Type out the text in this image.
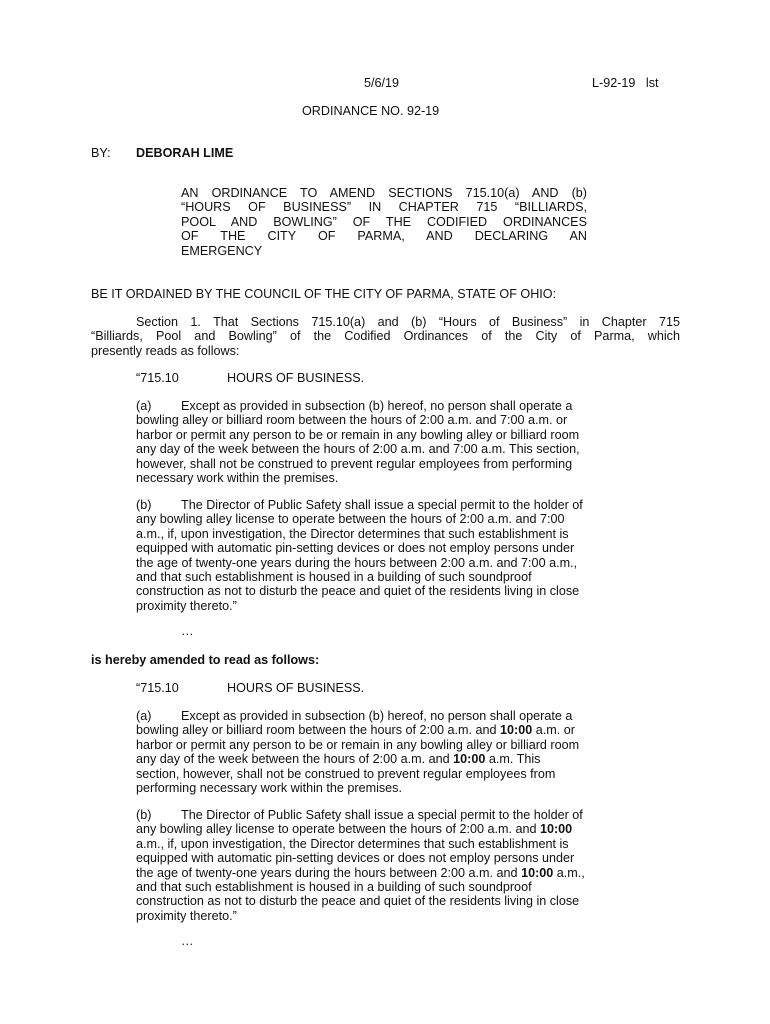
5/6/19	L-92-19 lst
ORDINANCE NO. 92-19
BY: DEBORAH LIME
AN ORDINANCE TO AMEND SECTIONS 715.10(a) AND (b)
“HOURS OF BUSINESS” IN CHAPTER 715 “BILLIARDS,
POOL AND BOWLING” OF THE CODIFIED ORDINANCES
OF THE CITY OF PARMA, AND DECLARING AN
EMERGENCY
BE IT ORDAINED BY THE COUNCIL OF THE CITY OF PARMA, STATE OF OHIO:
Section 1. That Sections 715.10(a) and (b) “Hours of Business” in Chapter 715
“Billiards, Pool and Bowling” of the Codified Ordinances of the City of Parma, which
presently reads as follows:
“715.10	HOURS OF BUSINESS.
(a) Except as provided in subsection (b) hereof, no person shall operate a
bowling alley or billiard room between the hours of 2:00 a.m. and 7:00 a.m. or
harbor or permit any person to be or remain in any bowling alley or billiard room
any day of the week between the hours of 2:00 a.m. and 7:00 a.m. This section,
however, shall not be construed to prevent regular employees from performing
necessary work within the premises.
(b) The Director of Public Safety shall issue a special permit to the holder of
any bowling alley license to operate between the hours of 2:00 a.m. and 7:00
a.m., if, upon investigation, the Director determines that such establishment is
equipped with automatic pin-setting devices or does not employ persons under
the age of twenty-one years during the hours between 2:00 a.m. and 7:00 a.m.,
and that such establishment is housed in a building of such soundproof
construction as not to disturb the peace and quiet of the residents living in close
proximity thereto.”
…
is hereby amended to read as follows:
“715.10	HOURS OF BUSINESS.
(a) Except as provided in subsection (b) hereof, no person shall operate a
bowling alley or billiard room between the hours of 2:00 a.m. and 10:00 a.m. or
harbor or permit any person to be or remain in any bowling alley or billiard room
any day of the week between the hours of 2:00 a.m. and 10:00 a.m. This
section, however, shall not be construed to prevent regular employees from
performing necessary work within the premises.
(b) The Director of Public Safety shall issue a special permit to the holder of
any bowling alley license to operate between the hours of 2:00 a.m. and 10:00
a.m., if, upon investigation, the Director determines that such establishment is
equipped with automatic pin-setting devices or does not employ persons under
the age of twenty-one years during the hours between 2:00 a.m. and 10:00 a.m.,
and that such establishment is housed in a building of such soundproof
construction as not to disturb the peace and quiet of the residents living in close
proximity thereto.”
…
